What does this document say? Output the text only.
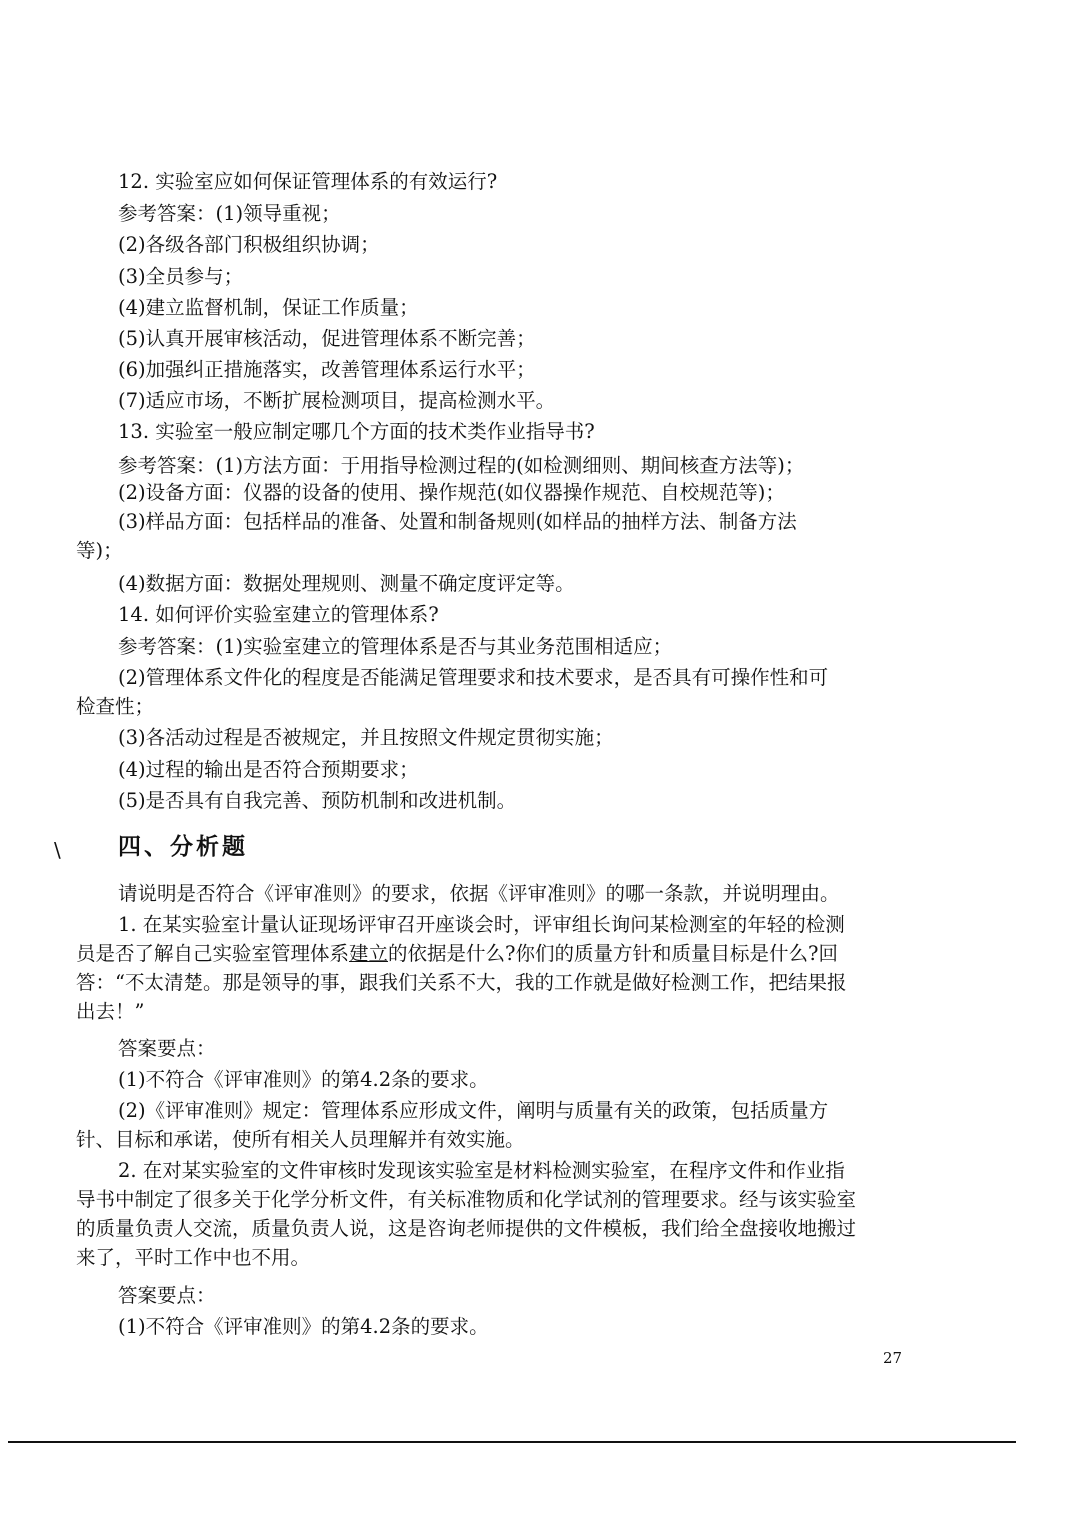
12. 实验室应如何保证管理体系的有效运行?
参考答案：(1)领导重视；
(2)各级各部门积极组织协调；
(3)全员参与；
(4)建立监督机制，保证工作质量；
(5)认真开展审核活动，促进管理体系不断完善；
(6)加强纠正措施落实，改善管理体系运行水平；
(7)适应市场，不断扩展检测项目，提高检测水平。
13. 实验室一般应制定哪几个方面的技术类作业指导书?
参考答案：(1)方法方面：于用指导检测过程的(如检测细则、期间核查方法等)；
(2)设备方面：仪器的设备的使用、操作规范(如仪器操作规范、自校规范等)；
(3)样品方面：包括样品的准备、处置和制备规则(如样品的抽样方法、制备方法
等)；
(4)数据方面：数据处理规则、测量不确定度评定等。
14. 如何评价实验室建立的管理体系?
参考答案：(1)实验室建立的管理体系是否与其业务范围相适应；
(2)管理体系文件化的程度是否能满足管理要求和技术要求，是否具有可操作性和可
检查性；
(3)各活动过程是否被规定，并且按照文件规定贯彻实施；
(4)过程的输出是否符合预期要求；
(5)是否具有自我完善、预防机制和改进机制。
\ 四、分析题
请说明是否符合《评审准则》的要求，依据《评审准则》的哪一条款，并说明理由。
1. 在某实验室计量认证现场评审召开座谈会时，评审组长询问某检测室的年轻的检测
员是否了解自己实验室管理体系建立的依据是什么?你们的质量方针和质量目标是什么?回
答：“不太清楚。那是领导的事，跟我们关系不大，我的工作就是做好检测工作，把结果报
出去！”
答案要点：
(1)不符合《评审准则》的第4.2条的要求。
(2)《评审准则》规定：管理体系应形成文件，阐明与质量有关的政策，包括质量方
针、目标和承诺，使所有相关人员理解并有效实施。
2. 在对某实验室的文件审核时发现该实验室是材料检测实验室，在程序文件和作业指
导书中制定了很多关于化学分析文件，有关标准物质和化学试剂的管理要求。经与该实验室
的质量负责人交流，质量负责人说，这是咨询老师提供的文件模板，我们给全盘接收地搬过
来了，平时工作中也不用。
答案要点：
(1)不符合《评审准则》的第4.2条的要求。
27
